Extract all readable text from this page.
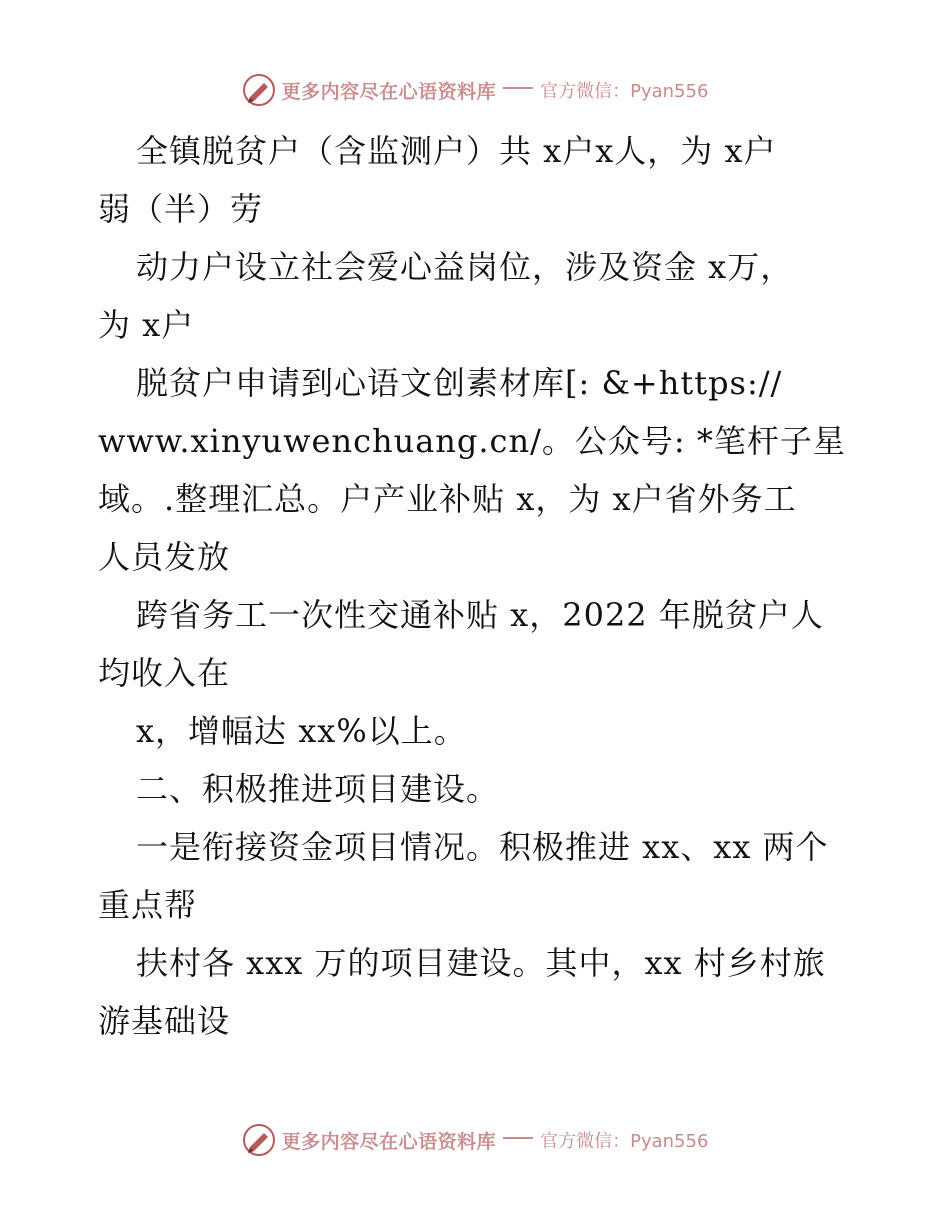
更多内容尽在心语资料库 官方微信：Pyan556
全镇脱贫户（含监测户）共 x户x人，为 x户
弱（半）劳
动力户设立社会爱心益岗位，涉及资金 x万，
为 x户
脱贫户申请到心语文创素材库[: &+https://
www.xinyuwenchuang.cn/。公众号: *笔杆子星
域。.整理汇总。户产业补贴 x，为 x户省外务工
人员发放
跨省务工一次性交通补贴 x，2022 年脱贫户人
均收入在
x，增幅达 xx%以上。
二、积极推进项目建设。
一是衔接资金项目情况。积极推进 xx、xx 两个
重点帮
扶村各 xxx 万的项目建设。其中，xx 村乡村旅
游基础设
更多内容尽在心语资料库 官方微信：Pyan556
